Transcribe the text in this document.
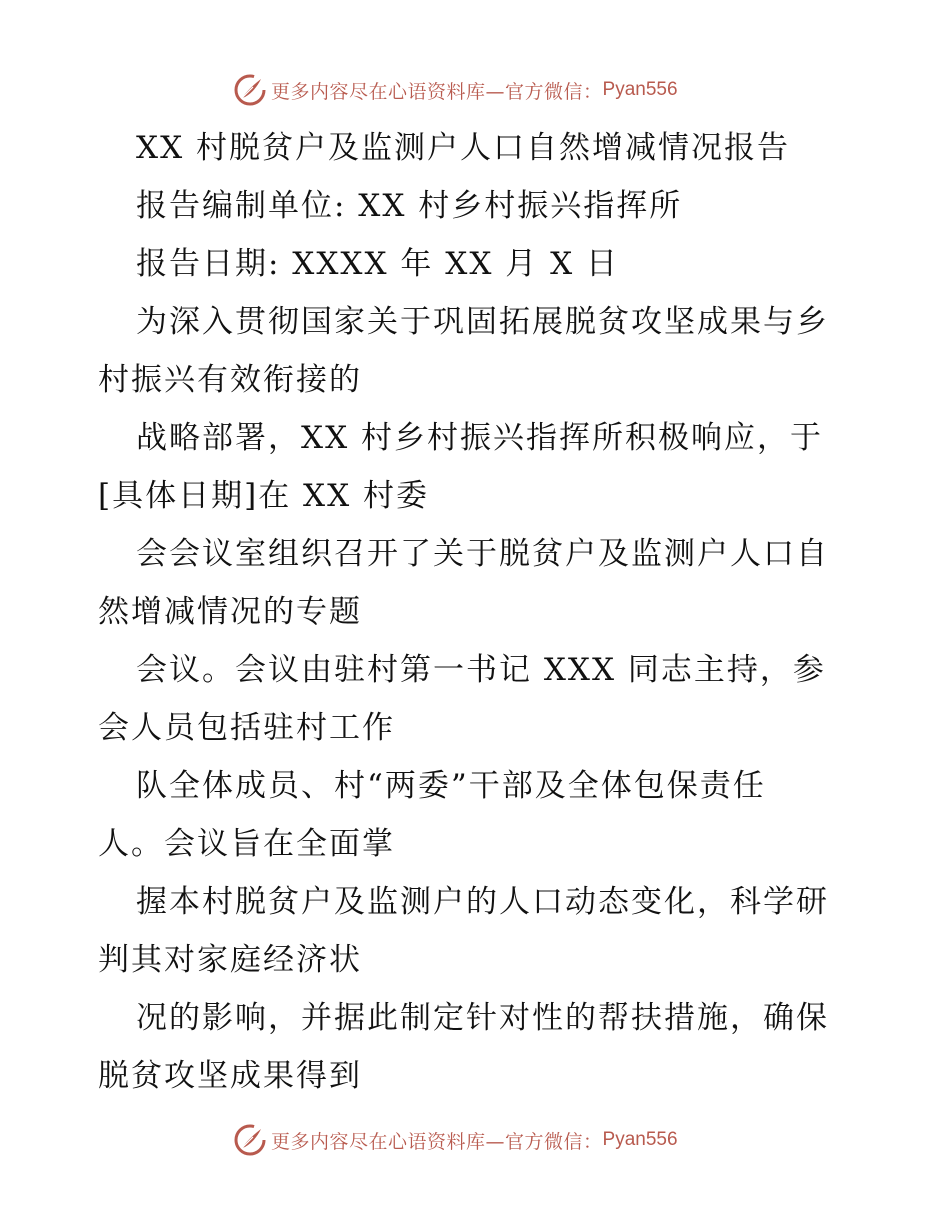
更多内容尽在心语资料库—官方微信： Pyan556
XX 村脱贫户及监测户人口自然增减情况报告
报告编制单位: XX 村乡村振兴指挥所
报告日期: XXXX 年 XX 月 X 日
为深入贯彻国家关于巩固拓展脱贫攻坚成果与乡
村振兴有效衔接的
战略部署，XX 村乡村振兴指挥所积极响应，于
[具体日期]在 XX 村委
会会议室组织召开了关于脱贫户及监测户人口自
然增减情况的专题
会议。会议由驻村第一书记 XXX 同志主持，参
会人员包括驻村工作
队全体成员、村“两委”干部及全体包保责任
人。会议旨在全面掌
握本村脱贫户及监测户的人口动态变化，科学研
判其对家庭经济状
况的影响，并据此制定针对性的帮扶措施，确保
脱贫攻坚成果得到
更多内容尽在心语资料库—官方微信： Pyan556
